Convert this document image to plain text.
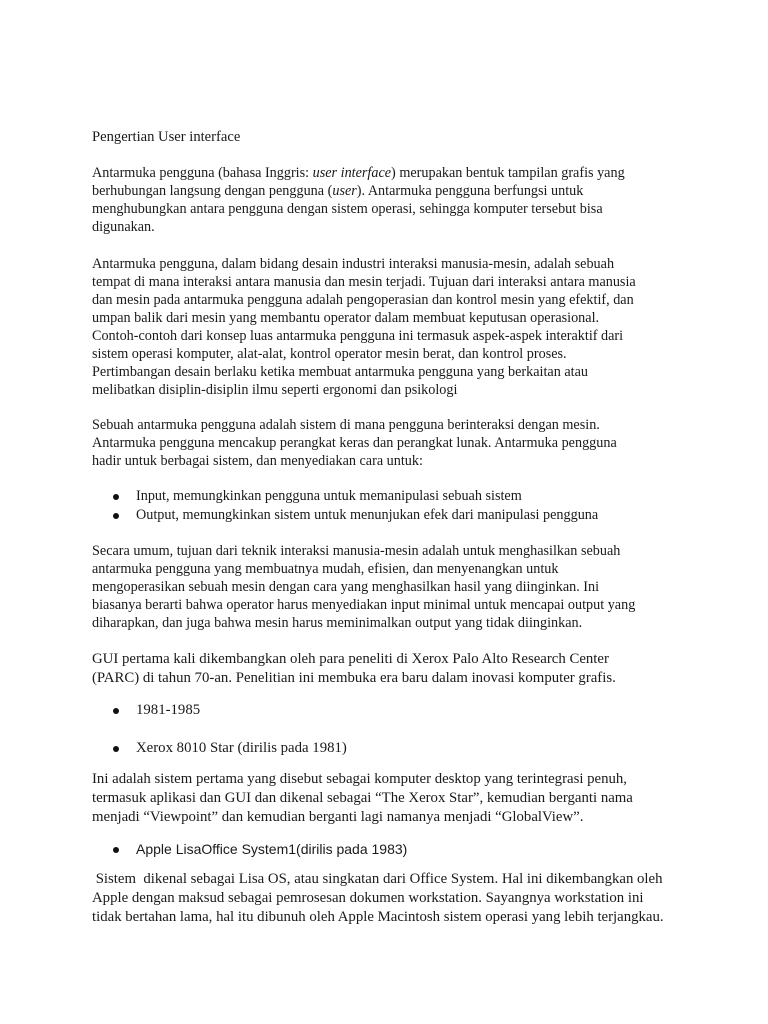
Pengertian User interface
Antarmuka pengguna (bahasa Inggris: user interface) merupakan bentuk tampilan grafis yang
berhubungan langsung dengan pengguna (user). Antarmuka pengguna berfungsi untuk
menghubungkan antara pengguna dengan sistem operasi, sehingga komputer tersebut bisa
digunakan.
Antarmuka pengguna, dalam bidang desain industri interaksi manusia-mesin, adalah sebuah
tempat di mana interaksi antara manusia dan mesin terjadi. Tujuan dari interaksi antara manusia
dan mesin pada antarmuka pengguna adalah pengoperasian dan kontrol mesin yang efektif, dan
umpan balik dari mesin yang membantu operator dalam membuat keputusan operasional.
Contoh-contoh dari konsep luas antarmuka pengguna ini termasuk aspek-aspek interaktif dari
sistem operasi komputer, alat-alat, kontrol operator mesin berat, dan kontrol proses.
Pertimbangan desain berlaku ketika membuat antarmuka pengguna yang berkaitan atau
melibatkan disiplin-disiplin ilmu seperti ergonomi dan psikologi
Sebuah antarmuka pengguna adalah sistem di mana pengguna berinteraksi dengan mesin.
Antarmuka pengguna mencakup perangkat keras dan perangkat lunak. Antarmuka pengguna
hadir untuk berbagai sistem, dan menyediakan cara untuk:
Input, memungkinkan pengguna untuk memanipulasi sebuah sistem
Output, memungkinkan sistem untuk menunjukan efek dari manipulasi pengguna
Secara umum, tujuan dari teknik interaksi manusia-mesin adalah untuk menghasilkan sebuah
antarmuka pengguna yang membuatnya mudah, efisien, dan menyenangkan untuk
mengoperasikan sebuah mesin dengan cara yang menghasilkan hasil yang diinginkan. Ini
biasanya berarti bahwa operator harus menyediakan input minimal untuk mencapai output yang
diharapkan, dan juga bahwa mesin harus meminimalkan output yang tidak diinginkan.
GUI pertama kali dikembangkan oleh para peneliti di Xerox Palo Alto Research Center
(PARC) di tahun 70-an. Penelitian ini membuka era baru dalam inovasi komputer grafis.
1981-1985
Xerox 8010 Star (dirilis pada 1981)
Ini adalah sistem pertama yang disebut sebagai komputer desktop yang terintegrasi penuh,
termasuk aplikasi dan GUI dan dikenal sebagai “The Xerox Star”, kemudian berganti nama
menjadi “Viewpoint” dan kemudian berganti lagi namanya menjadi “GlobalView”.
Apple LisaOffice System1(dirilis pada 1983)
Sistem  dikenal sebagai Lisa OS, atau singkatan dari Office System. Hal ini dikembangkan oleh
Apple dengan maksud sebagai pemrosesan dokumen workstation. Sayangnya workstation ini
tidak bertahan lama, hal itu dibunuh oleh Apple Macintosh sistem operasi yang lebih terjangkau.
